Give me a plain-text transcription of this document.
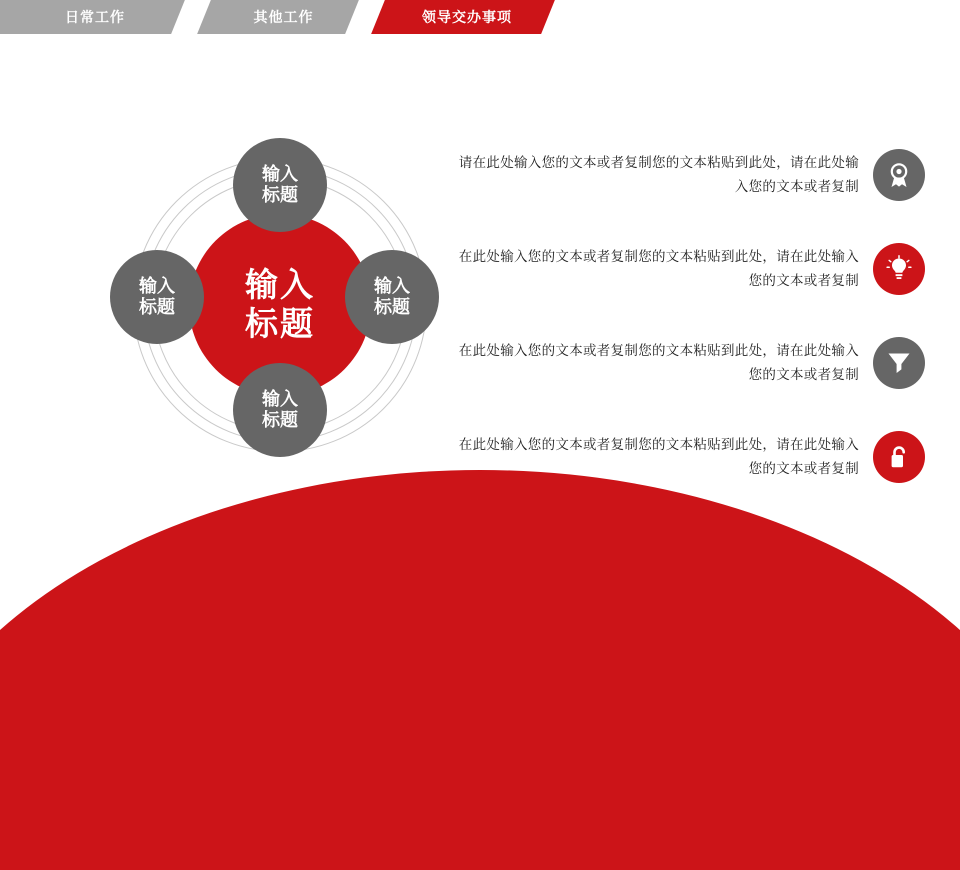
日常工作	其他工作	领导交办事项
输入
标题
输入
标题
输入
标题
输入
标题
输入
标题
请在此处输入您的文本或者复制您的文本粘贴到此处，请在此处输入您的文本或者复制
在此处输入您的文本或者复制您的文本粘贴到此处，请在此处输入您的文本或者复制
在此处输入您的文本或者复制您的文本粘贴到此处，请在此处输入您的文本或者复制
在此处输入您的文本或者复制您的文本粘贴到此处，请在此处输入您的文本或者复制
